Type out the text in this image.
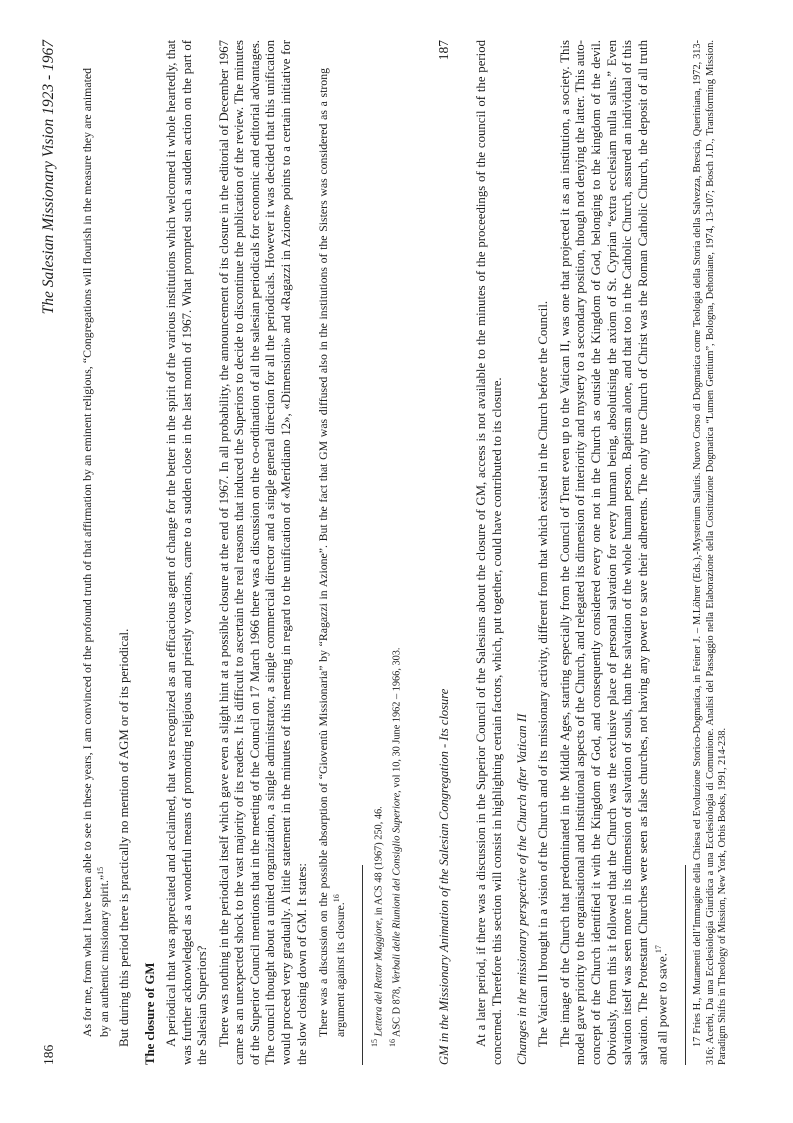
186
The Salesian Missionary Vision 1923 - 1967 As for me, from what I have been able to see in these years, I am convinced of the profound truth of that affirmation by an eminent religious, “Congregations will flourish in the measure they are animated by an authentic missionary spirit.”$^{15}$ But during this period there is practically no mention of AGM or of its periodical. The closure of GM A periodical that was appreciated and acclaimed, that was recognized as an efficacious agent of change for the better in the spirit of the various institutions which welcomed it whole heartedly, that was further acknowledged as a wonderful means of promoting religious and priestly vocations, came to a sudden close in the last month of 1967. What prompted such a sudden action on the part of the Salesian Superiors? There was nothing in the periodical itself which gave even a slight hint at a possible closure at the end of 1967. In all probability, the announcement of its closure in the editorial of December 1967 came as an unexpected shock to the vast majority of its readers. It is difficult to ascertain the real reasons that induced the Superiors to decide to discontinue the publication of the review. The minutes of the Superior Council mentions that in the meeting of the Council on 17 March 1966 there was a discussion on the co-ordination of all the salesian periodicals for economic and editorial advantages. The council thought about a united organization, a single administrator, a single commercial director and a single general direction for all the periodicals. However it was decided that this unification would proceed very gradually. A little statement in the minutes of this meeting in regard to the unification of «Meridiano 12», «Dimensioni» and «Ragazzi in Azione» points to a certain initiative for the slow closing down of GM. It states: There was a discussion on the possible absorption of “Gioventù Missionaria” by “Ragazzi in Azione”. But the fact that GM was diffused also in the institutions of the Sisters was considered as a strong argument against its closure.$^{16}$
$^{15}$ Lettera del Rettor Maggiore, in ACS 48 (1967) 250, 46.
$^{16}$ ASC D 878, Verbali delle Riunioni del Consiglio Superiore, vol 10, 30 June 1962 – 1966, 303.	GM in the Missionary Animation of the Salesian Congregation - Its closure
187 At a later period, if there was a discussion in the Superior Council of the Salesians about the closure of GM, access is not available to the minutes of the proceedings of the council of the period concerned. Therefore this section will consist in highlighting certain factors, which, put together, could have contributed to its closure. Changes in the missionary perspective of the Church after Vatican II The Vatican II brought in a vision of the Church and of its missionary activity, different from that which existed in the Church before the Council. The image of the Church that predominated in the Middle Ages, starting especially from the Council of Trent even up to the Vatican II, was one that projected it as an institution, a society. This model gave priority to the organisational and institutional aspects of the Church, and relegated its dimension of interiority and mystery to a secondary position, though not denying the latter. This auto-concept of the Church identified it with the Kingdom of God, and consequently considered every one not in the Church as outside the Kingdom of God, belonging to the kingdom of the devil. Obviously, from this it followed that the Church was the exclusive place of personal salvation for every human being, absolutising the axiom of St. Cyprian “extra ecclesiam nulla salus.” Even salvation itself was seen more in its dimension of salvation of souls, than the salvation of the whole human person. Baptism alone, and that too in the Catholic Church, assured an individual of this salvation. The Protestant Churches were seen as false churches, not having any power to save their adherents. The only true Church of Christ was the Roman Catholic Church, the deposit of all truth and all power to save.$^{17}$	17 Fries H., Mutamenti dell’Immagine della Chiesa ed Evoluzione Storico-Dogmatica, in Feiner J. – M.Löhrer (Eds.),-Mysterium Salutis. Nuovo Corso di Dogmatica come Teologia della Storia della Salvezza, Brescia, Queriniana, 1972, 313-316; Acerbi, Da una Ecclesiologia Giuridica a una Ecclesiologia di Comunione. Analisi del Passaggio nella Elaborazione della Costituzione Dogmatica “Lumen Gentium”, Bologna, Dehoniane, 1974, 13-107; Bosch J.D., Transforming Mission. Paradigm Shifts in Theology of Mission, New York, Orbis Books, 1991, 214-238.
